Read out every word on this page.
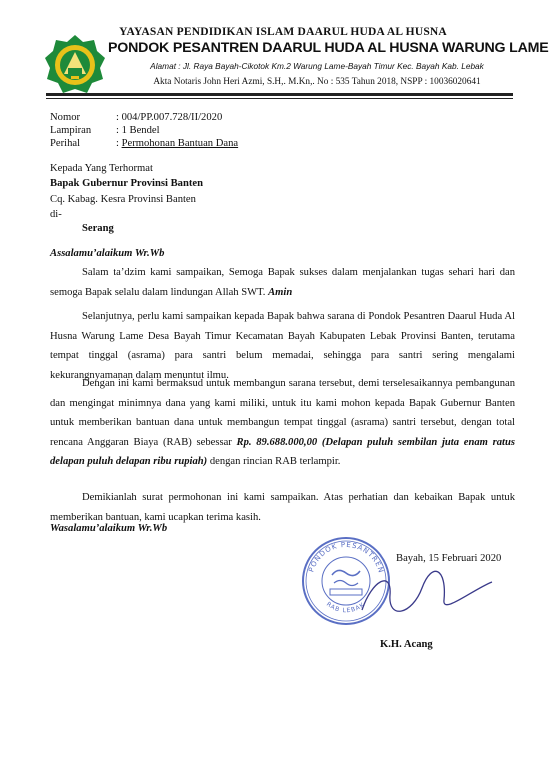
YAYASAN PENDIDIKAN ISLAM DAARUL HUDA AL HUSNA
PONDOK PESANTREN DAARUL HUDA AL HUSNA WARUNG LAME
Alamat : Jl. Raya Bayah-Cikotok Km.2 Warung Lame-Bayah Timur Kec. Bayah Kab. Lebak
Akta Notaris John Heri Azmi, S.H,. M.Kn,. No : 535 Tahun 2018, NSPP : 10036020641
Nomor	: 004/PP.007.728/II/2020
Lampiran : 1 Bendel
Perihal	: Permohonan Bantuan Dana
Kepada Yang Terhormat
Bapak Gubernur Provinsi Banten
Cq. Kabag. Kesra Provinsi Banten
di-
Serang
Assalamu’alaikum Wr.Wb

Salam ta’dzim kami sampaikan, Semoga Bapak sukses dalam menjalankan tugas sehari hari dan semoga Bapak selalu dalam lindungan Allah SWT. Amin

Selanjutnya, perlu kami sampaikan kepada Bapak bahwa sarana di Pondok Pesantren Daarul Huda Al Husna Warung Lame Desa Bayah Timur Kecamatan Bayah Kabupaten Lebak Provinsi Banten, terutama tempat tinggal (asrama) para santri belum memadai, sehingga para santri sering mengalami kekurangnyamanan dalam menuntut ilmu.

Dengan ini kami bermaksud untuk membangun sarana tersebut, demi terselesaikannya pembangunan dan mengingat minimnya dana yang kami miliki, untuk itu kami mohon kepada Bapak Gubernur Banten untuk memberikan bantuan dana untuk membangun tempat tinggal (asrama) santri tersebut, dengan total rencana Anggaran Biaya (RAB) sebessar Rp. 89.688.000,00 (Delapan puluh sembilan juta enam ratus delapan puluh delapan ribu rupiah) dengan rincian RAB terlampir.

Demikianlah surat permohonan ini kami sampaikan. Atas perhatian dan kebaikan Bapak untuk memberikan bantuan, kami ucapkan terima kasih.

Wasalamu’alaikum Wr.Wb
PONDOK PESANTREN
RAB LEBAK
Bayah, 15 Februari 2020
K.H. Acang
